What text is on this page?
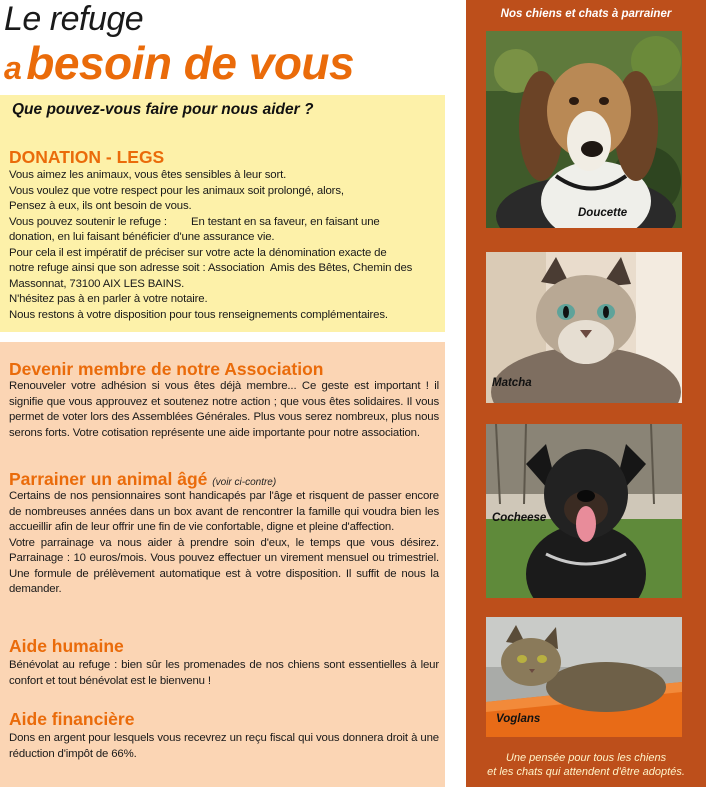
Le refuge
a besoin de vous
Que pouvez-vous faire pour nous aider ?
DONATION - LEGS
Vous aimez les animaux, vous êtes sensibles à leur sort.
Vous voulez que votre respect pour les animaux soit prolongé, alors,
Pensez à eux, ils ont besoin de vous.
Vous pouvez soutenir le refuge :        En testant en sa faveur, en faisant une
donation, en lui faisant bénéficier d'une assurance vie.
Pour cela il est impératif de préciser sur votre acte la dénomination exacte de
notre refuge ainsi que son adresse soit : Association  Amis des Bêtes, Chemin des
Massonnat, 73100 AIX LES BAINS.
N'hésitez pas à en parler à votre notaire.
Nous restons à votre disposition pour tous renseignements complémentaires.
Devenir membre de notre Association
Renouveler votre adhésion si vous êtes déjà membre... Ce geste est important ! il signifie que vous approuvez et soutenez notre action ; que vous êtes solidaires. Il vous permet de voter lors des Assemblées Générales. Plus vous serez nombreux, plus nous serons forts. Votre cotisation représente une aide importante pour notre association.
Parrainer un animal âgé (voir ci-contre)
Certains de nos pensionnaires sont handicapés par l'âge et risquent de passer encore de nombreuses années dans un box avant de rencontrer la famille qui voudra bien les accueillir afin de leur offrir une fin de vie confortable, digne et pleine d'affection.
Votre parrainage va nous aider à prendre soin d'eux, le temps que vous désirez. Parrainage : 10 euros/mois. Vous pouvez effectuer un virement mensuel ou trimestriel. Une formule de prélèvement automatique est à votre disposition. Il suffit de nous la demander.
Aide humaine
Bénévolat au refuge : bien sûr les promenades de nos chiens sont essentielles à leur confort et tout bénévolat est le bienvenu !
Aide financière
Dons en argent pour lesquels vous recevrez un reçu fiscal qui vous donnera droit à une réduction d'impôt de 66%.
Nos chiens et chats à parrainer
Doucette
Matcha
Cocheese
Voglans
Une pensée pour tous les chiens
et les chats qui attendent d'être adoptés.
